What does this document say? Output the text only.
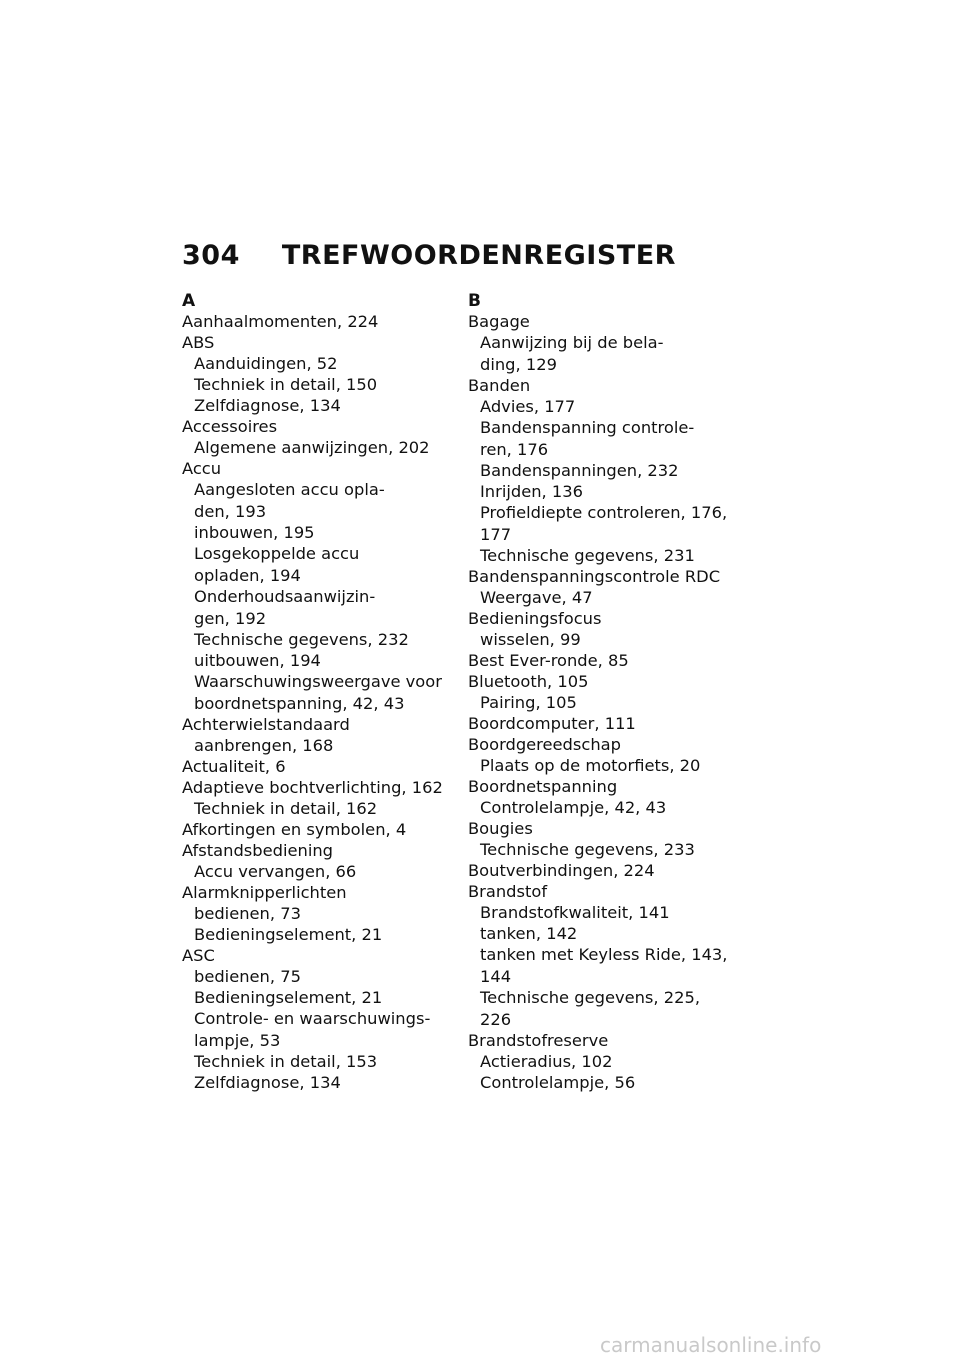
304 TREFWOORDENREGISTER
A
Aanhaalmomenten, 224
ABS
Aanduidingen, 52
Techniek in detail, 150
Zelfdiagnose, 134
Accessoires
Algemene aanwijzingen, 202
Accu
Aangesloten accu opla-
den, 193
inbouwen, 195
Losgekoppelde accu
opladen, 194
Onderhoudsaanwijzin-
gen, 192
Technische gegevens, 232
uitbouwen, 194
Waarschuwingsweergave voor
boordnetspanning, 42, 43
Achterwielstandaard
aanbrengen, 168
Actualiteit, 6
Adaptieve bochtverlichting, 162
Techniek in detail, 162
Afkortingen en symbolen, 4
Afstandsbediening
Accu vervangen, 66
Alarmknipperlichten
bedienen, 73
Bedieningselement, 21
ASC
bedienen, 75
Bedieningselement, 21
Controle- en waarschuwings-
lampje, 53
Techniek in detail, 153
Zelfdiagnose, 134
B
Bagage
Aanwijzing bij de bela-
ding, 129
Banden
Advies, 177
Bandenspanning controle-
ren, 176
Bandenspanningen, 232
Inrijden, 136
Profieldiepte controleren, 176,
177
Technische gegevens, 231
Bandenspanningscontrole RDC
Weergave, 47
Bedieningsfocus
wisselen, 99
Best Ever-ronde, 85
Bluetooth, 105
Pairing, 105
Boordcomputer, 111
Boordgereedschap
Plaats op de motorfiets, 20
Boordnetspanning
Controlelampje, 42, 43
Bougies
Technische gegevens, 233
Boutverbindingen, 224
Brandstof
Brandstofkwaliteit, 141
tanken, 142
tanken met Keyless Ride, 143,
144
Technische gegevens, 225,
226
Brandstofreserve
Actieradius, 102
Controlelampje, 56
carmanualsonline.info
